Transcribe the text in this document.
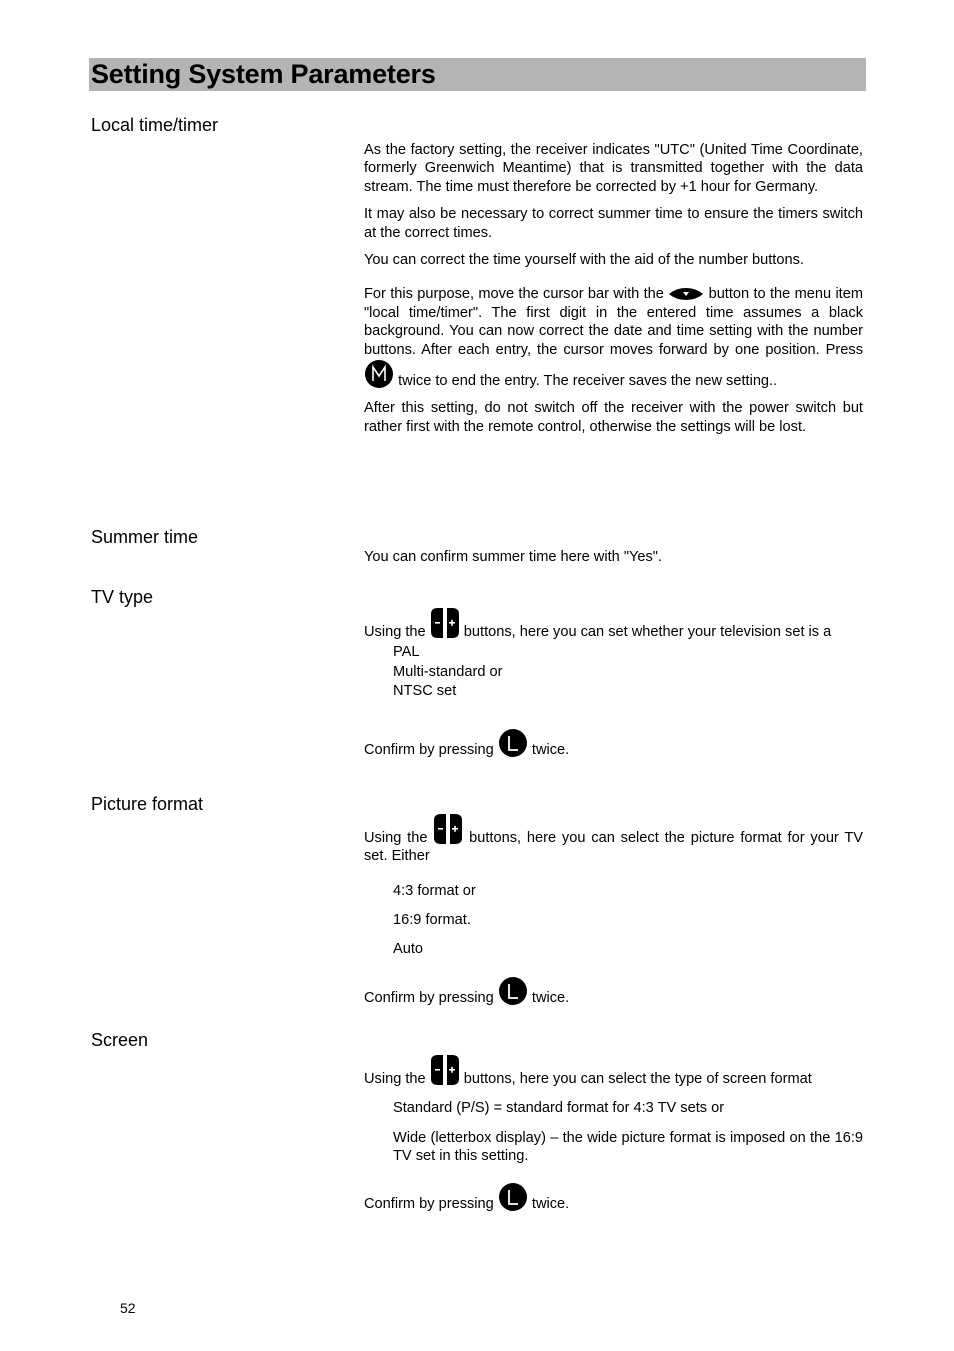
Setting System Parameters
Local time/timer

As the factory setting, the receiver indicates "UTC" (United Time Coordinate, formerly Greenwich Meantime) that is transmitted together with the data stream. The time must therefore be corrected by +1 hour for Germany.

It may also be necessary to correct summer time to ensure the timers switch at the correct times.

You can correct the time yourself with the aid of the number buttons.

For this purpose, move the cursor bar with the	button to the menu item "local time/timer". The first digit in the entered time assumes a black background. You can now correct the date and time setting with the number buttons. After each entry, the cursor moves forward by one position. Press  twice to end the entry. The receiver saves the new setting..

After this setting, do not switch off the receiver with the power switch but rather first with the remote control, otherwise the settings will be lost.

Summer time

You can confirm summer time here with "Yes".

TV type

Using the	buttons, here you can set whether your television set is a

PAL
Multi-standard or
NTSC set

Confirm by pressing	twice.

Picture format

Using the	buttons, here you can select the picture format for your TV set. Either

4:3 format or
16:9 format.
Auto

Confirm by pressing	twice.

Screen

Using the	buttons, here you can select the type of screen format

Standard (P/S) = standard format for 4:3 TV sets or

Wide (letterbox display) – the wide picture format is imposed on the 16:9 TV set in this setting.

Confirm by pressing	twice.

52
